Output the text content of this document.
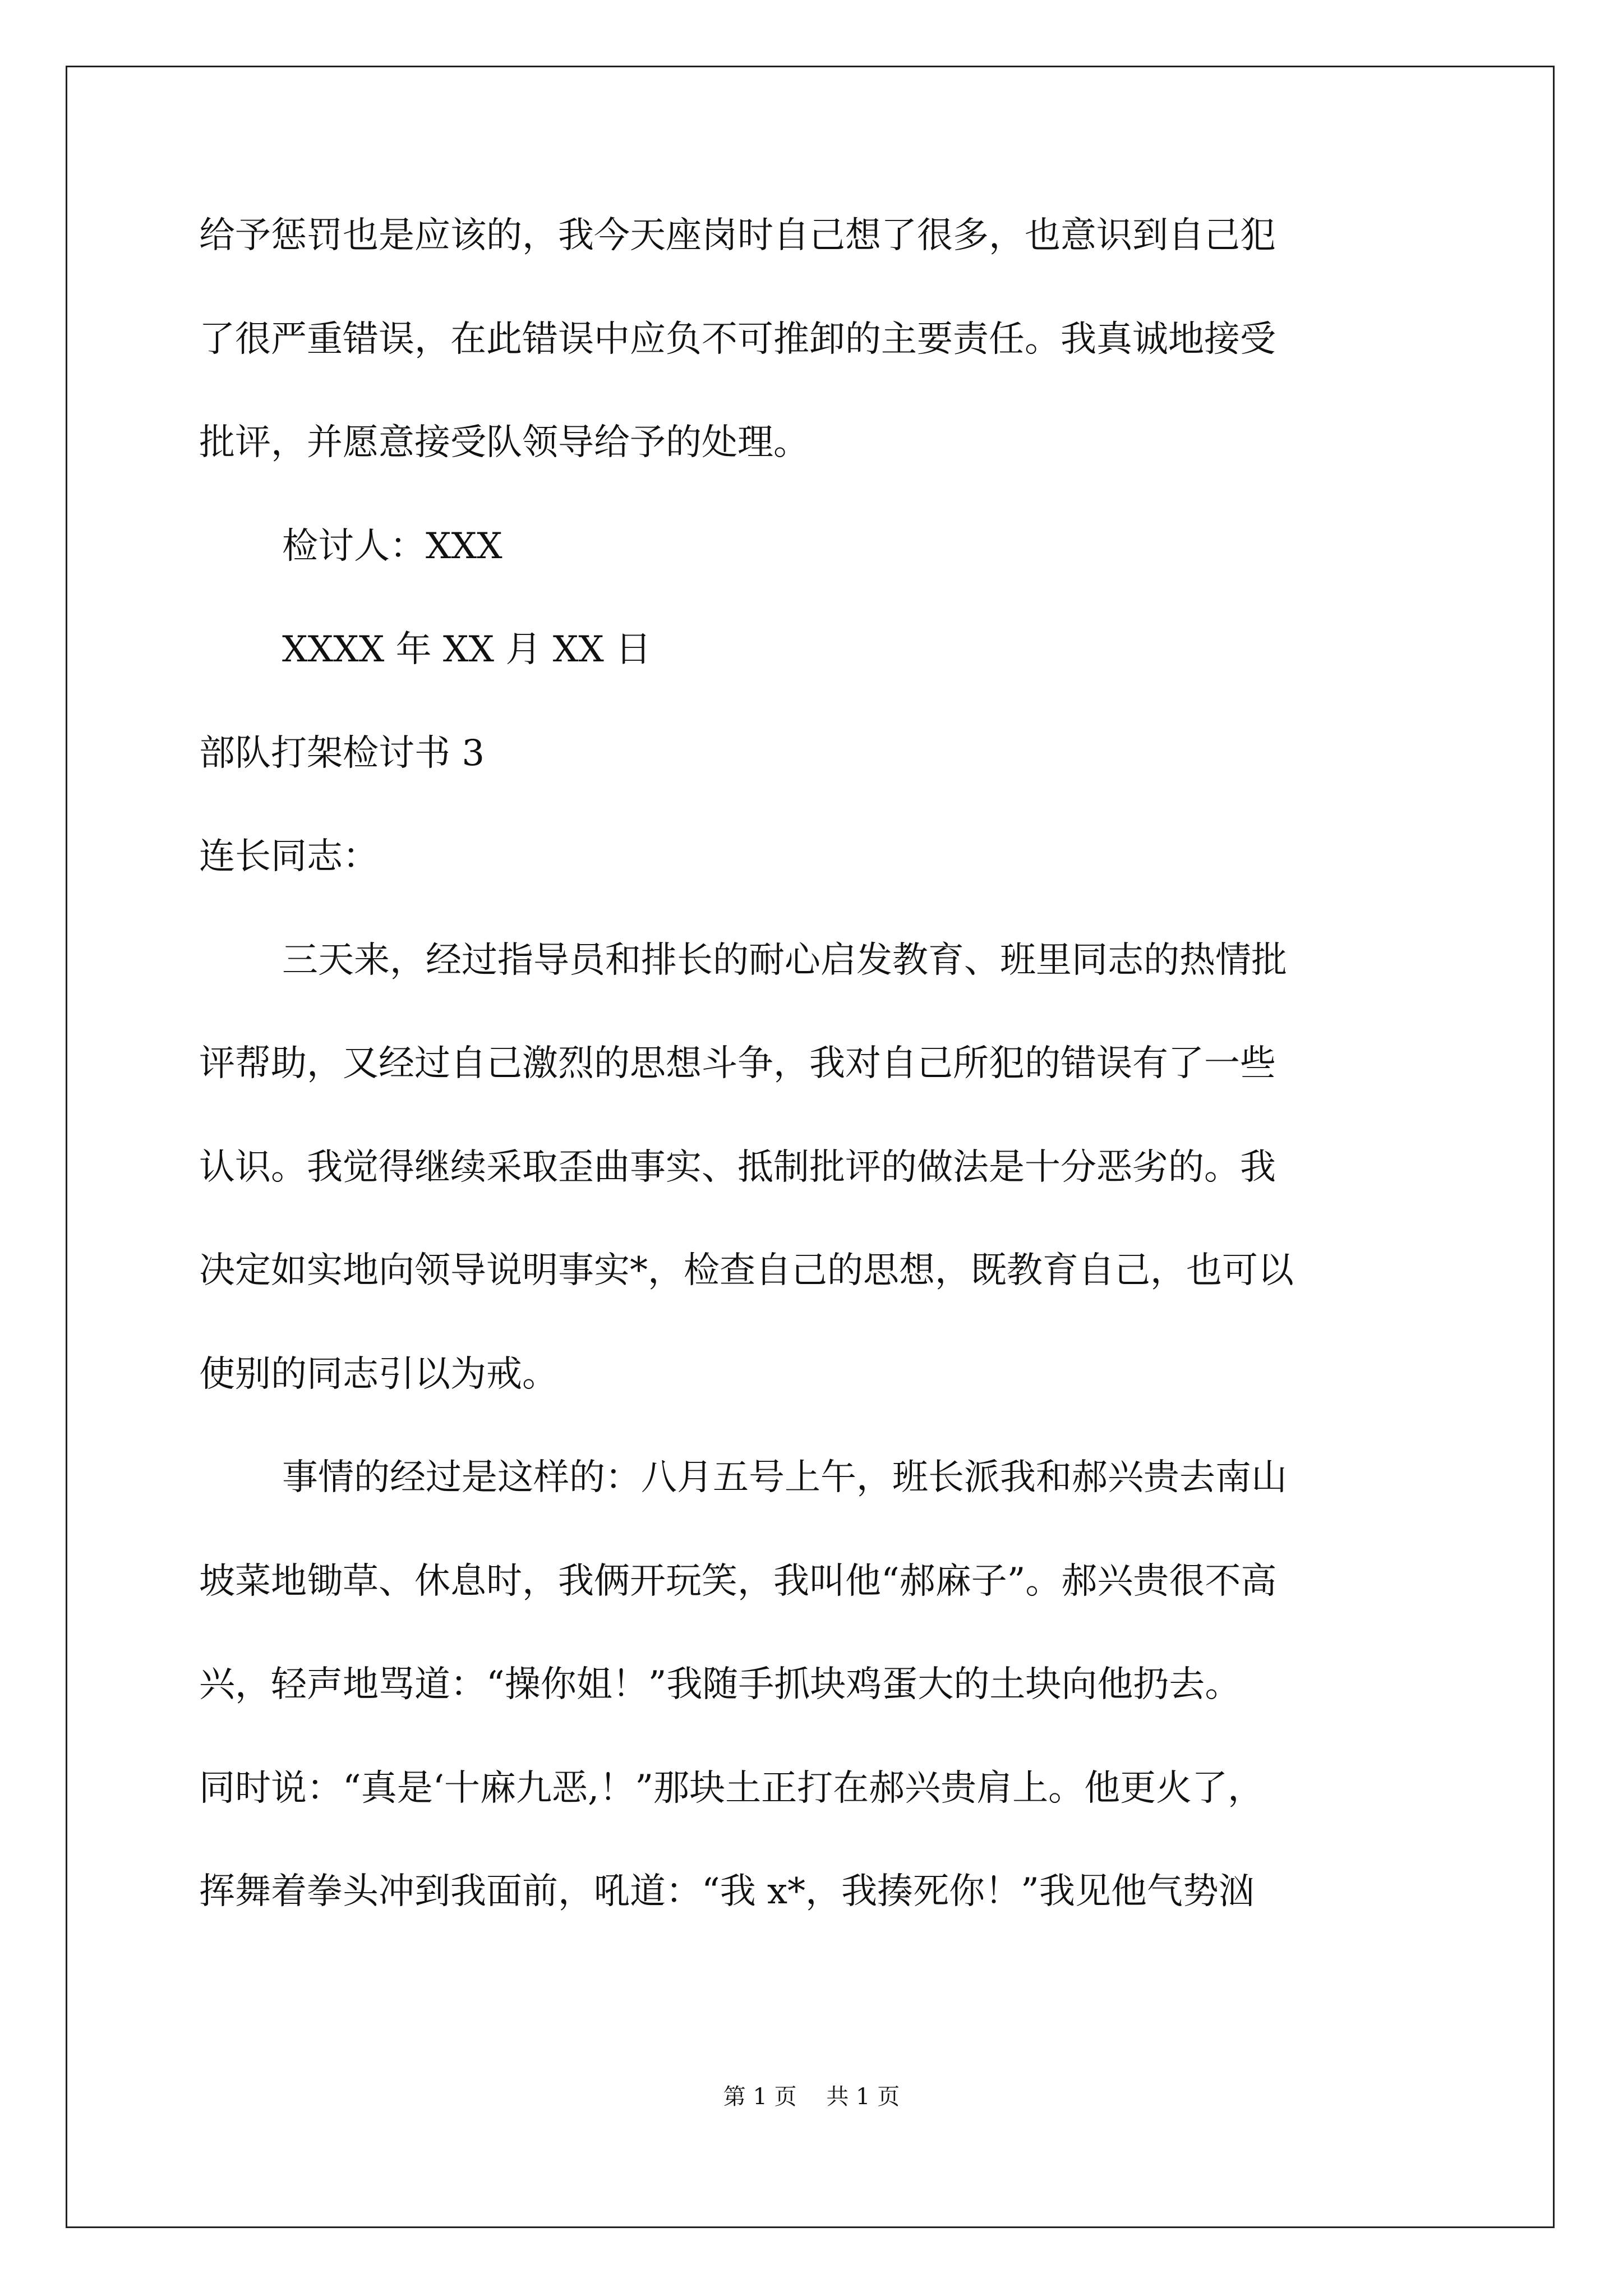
给予惩罚也是应该的，我今天座岗时自己想了很多，也意识到自己犯
了很严重错误，在此错误中应负不可推卸的主要责任。我真诚地接受
批评，并愿意接受队领导给予的处理。
检讨人：XXX
XXXX 年 XX 月 XX 日
部队打架检讨书 3
连长同志：
三天来，经过指导员和排长的耐心启发教育、班里同志的热情批
评帮助，又经过自己激烈的思想斗争，我对自己所犯的错误有了一些
认识。我觉得继续采取歪曲事实、抵制批评的做法是十分恶劣的。我
决定如实地向领导说明事实*，检查自己的思想，既教育自己，也可以
使别的同志引以为戒。
事情的经过是这样的：八月五号上午，班长派我和郝兴贵去南山
坡菜地锄草、休息时，我俩开玩笑，我叫他“郝麻子”。郝兴贵很不高
兴，轻声地骂道：“操你姐！”我随手抓块鸡蛋大的土块向他扔去。
同时说：“真是‘十麻九恶,！”那块土正打在郝兴贵肩上。他更火了，
挥舞着拳头冲到我面前，吼道：“我 x*，我揍死你！”我见他气势汹
第 1 页　 共 1 页
